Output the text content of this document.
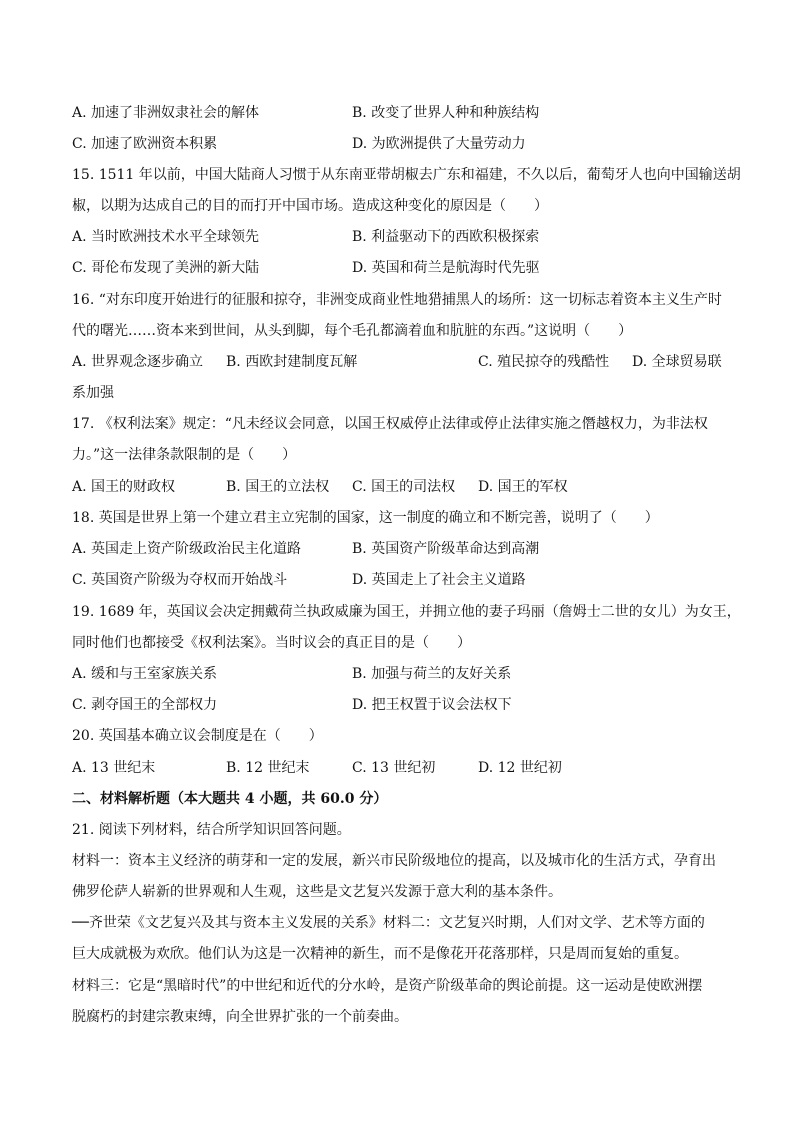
A. 加速了非洲奴隶社会的解体	B. 改变了世界人种和种族结构
C. 加速了欧洲资本积累	D. 为欧洲提供了大量劳动力
15. 1511 年以前，中国大陆商人习惯于从东南亚带胡椒去广东和福建，不久以后，葡萄牙人也向中国输送胡
椒，以期为达成自己的目的而打开中国市场。造成这种变化的原因是（　　）
A. 当时欧洲技术水平全球领先	B. 利益驱动下的西欧积极探索
C. 哥伦布发现了美洲的新大陆	D. 英国和荷兰是航海时代先驱
16. “对东印度开始进行的征服和掠夺，非洲变成商业性地猎捕黑人的场所：这一切标志着资本主义生产时
代的曙光……资本来到世间，从头到脚，每个毛孔都滴着血和肮脏的东西。”这说明（　　）
A. 世界观念逐步确立 B. 西欧封建制度瓦解	C. 殖民掠夺的残酷性 D. 全球贸易联
系加强
17. 《权利法案》规定：“凡未经议会同意，以国王权威停止法律或停止法律实施之僭越权力，为非法权
力。”这一法律条款限制的是（　　）
A. 国王的财政权	B. 国王的立法权 C. 国王的司法权 D. 国王的军权
18. 英国是世界上第一个建立君主立宪制的国家，这一制度的确立和不断完善，说明了（　　）
A. 英国走上资产阶级政治民主化道路	B. 英国资产阶级革命达到高潮
C. 英国资产阶级为夺权而开始战斗	D. 英国走上了社会主义道路
19. 1689 年，英国议会决定拥戴荷兰执政威廉为国王，并拥立他的妻子玛丽（詹姆士二世的女儿）为女王，
同时他们也都接受《权利法案》。当时议会的真正目的是（　　）
A. 缓和与王室家族关系	B. 加强与荷兰的友好关系
C. 剥夺国王的全部权力	D. 把王权置于议会法权下
20. 英国基本确立议会制度是在（　　）
A. 13 世纪末	B. 12 世纪末	C. 13 世纪初	D. 12 世纪初
二、材料解析题（本大题共 4 小题，共 60.0 分）
21. 阅读下列材料，结合所学知识回答问题。
材料一：资本主义经济的萌芽和一定的发展，新兴市民阶级地位的提高，以及城市化的生活方式，孕育出
佛罗伦萨人崭新的世界观和人生观，这些是文艺复兴发源于意大利的基本条件。
──齐世荣《文艺复兴及其与资本主义发展的关系》材料二：文艺复兴时期，人们对文学、艺术等方面的
巨大成就极为欢欣。他们认为这是一次精神的新生，而不是像花开花落那样，只是周而复始的重复。
材料三：它是“黑暗时代”的中世纪和近代的分水岭，是资产阶级革命的舆论前提。这一运动是使欧洲摆
脱腐朽的封建宗教束缚，向全世界扩张的一个前奏曲。
